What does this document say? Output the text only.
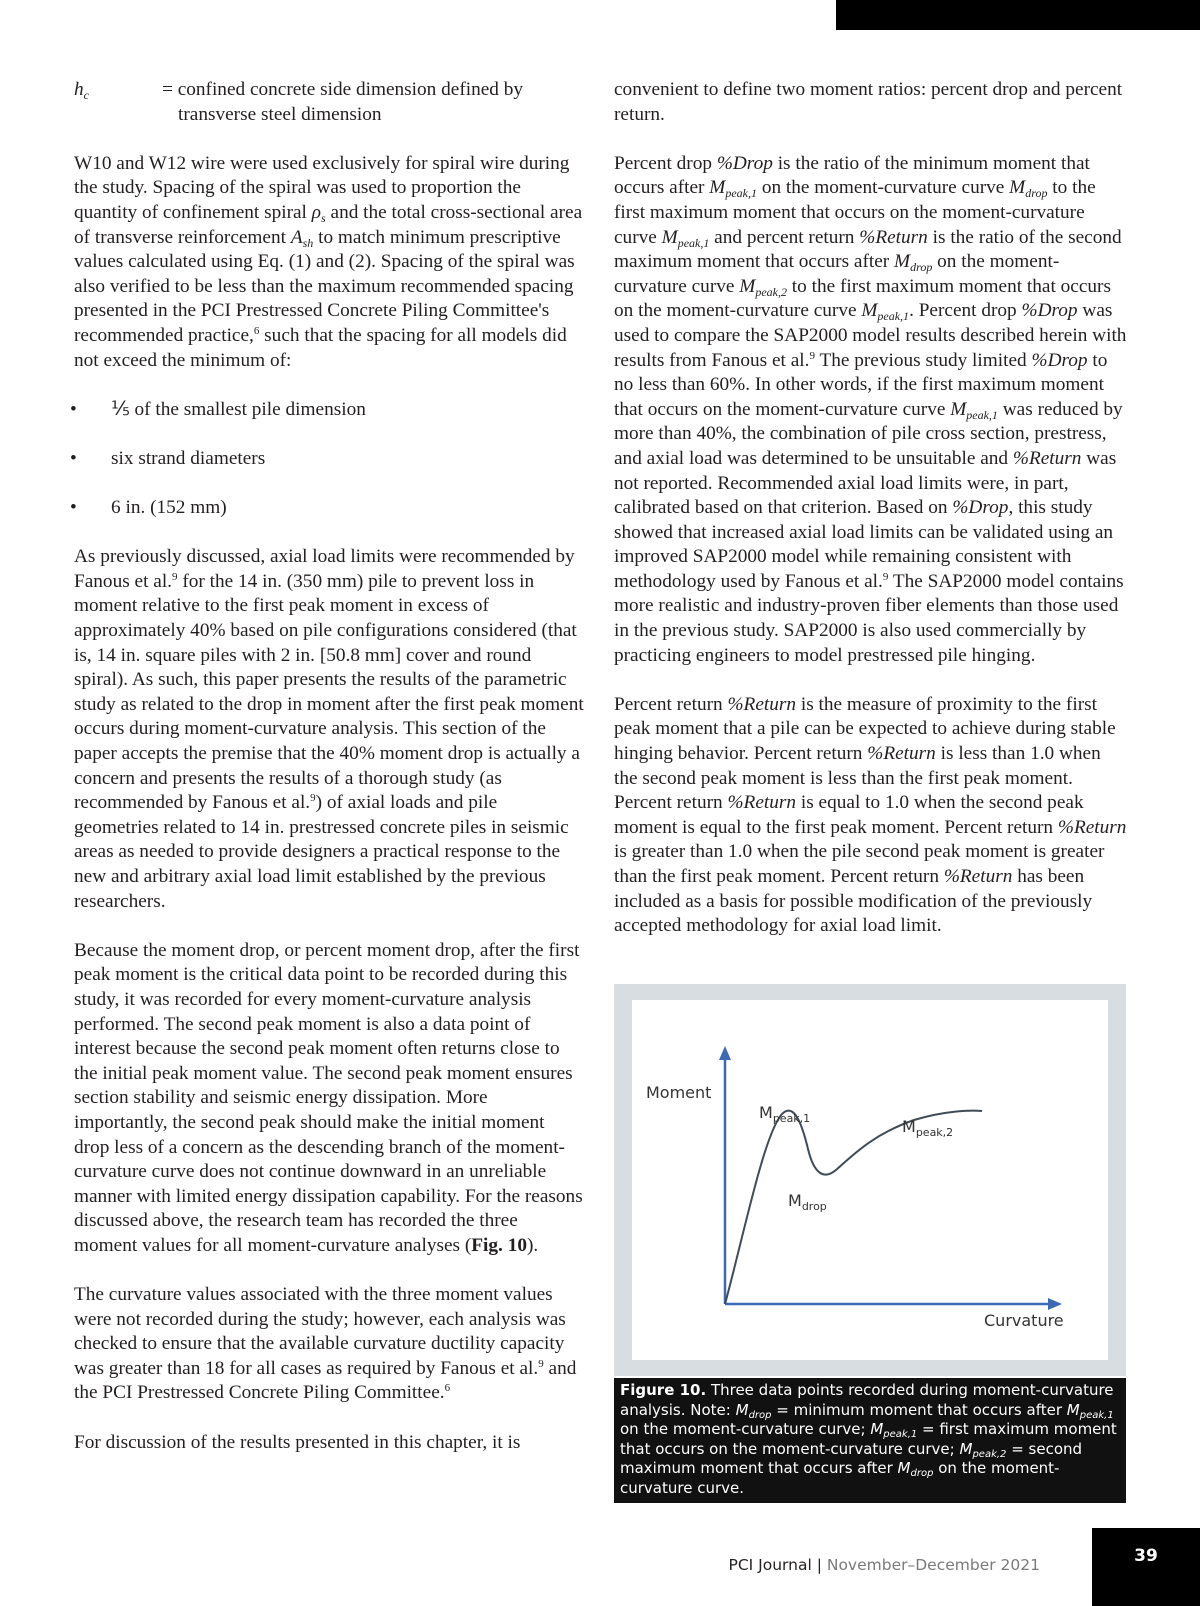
$h_c$	= confined concrete side dimension defined by transverse steel dimension

W10 and W12 wire were used exclusively for spiral wire during the study. Spacing of the spiral was used to proportion the quantity of confinement spiral $\rho_s$ and the total cross-sectional area of transverse reinforcement $A_{sh}$ to match minimum prescriptive values calculated using Eq. (1) and (2). Spacing of the spiral was also verified to be less than the maximum recommended spacing presented in the PCI Prestressed Concrete Piling Committee's recommended practice,$^6$ such that the spacing for all models did not exceed the minimum of:

• ⅕ of the smallest pile dimension
• six strand diameters
• 6 in. (152 mm)

As previously discussed, axial load limits were recommended by Fanous et al.$^9$ for the 14 in. (350 mm) pile to prevent loss in moment relative to the first peak moment in excess of approximately 40% based on pile configurations considered (that is, 14 in. square piles with 2 in. [50.8 mm] cover and round spiral). As such, this paper presents the results of the parametric study as related to the drop in moment after the first peak moment occurs during moment-curvature analysis. This section of the paper accepts the premise that the 40% moment drop is actually a concern and presents the results of a thorough study (as recommended by Fanous et al.$^9$) of axial loads and pile geometries related to 14 in. prestressed concrete piles in seismic areas as needed to provide designers a practical response to the new and arbitrary axial load limit established by the previous researchers.

Because the moment drop, or percent moment drop, after the first peak moment is the critical data point to be recorded during this study, it was recorded for every moment-curvature analysis performed. The second peak moment is also a data point of interest because the second peak moment often returns close to the initial peak moment value. The second peak moment ensures section stability and seismic energy dissipation. More importantly, the second peak should make the initial moment drop less of a concern as the descending branch of the moment-curvature curve does not continue downward in an unreliable manner with limited energy dissipation capability. For the reasons discussed above, the research team has recorded the three moment values for all moment-curvature analyses (Fig. 10).

The curvature values associated with the three moment values were not recorded during the study; however, each analysis was checked to ensure that the available curvature ductility capacity was greater than 18 for all cases as required by Fanous et al.$^9$ and the PCI Prestressed Concrete Piling Committee.$^6$

For discussion of the results presented in this chapter, it is

convenient to define two moment ratios: percent drop and percent return.

Percent drop %Drop is the ratio of the minimum moment that occurs after $M_{peak,1}$ on the moment-curvature curve $M_{drop}$ to the first maximum moment that occurs on the moment-curvature curve $M_{peak,1}$ and percent return %Return is the ratio of the second maximum moment that occurs after $M_{drop}$ on the moment-curvature curve $M_{peak,2}$ to the first maximum moment that occurs on the moment-curvature curve $M_{peak,1}$. Percent drop %Drop was used to compare the SAP2000 model results described herein with results from Fanous et al.$^9$ The previous study limited %Drop to no less than 60%. In other words, if the first maximum moment that occurs on the moment-curvature curve $M_{peak,1}$ was reduced by more than 40%, the combination of pile cross section, prestress, and axial load was determined to be unsuitable and %Return was not reported. Recommended axial load limits were, in part, calibrated based on that criterion. Based on %Drop, this study showed that increased axial load limits can be validated using an improved SAP2000 model while remaining consistent with methodology used by Fanous et al.$^9$ The SAP2000 model contains more realistic and industry-proven fiber elements than those used in the previous study. SAP2000 is also used commercially by practicing engineers to model prestressed pile hinging.

Percent return %Return is the measure of proximity to the first peak moment that a pile can be expected to achieve during stable hinging behavior. Percent return %Return is less than 1.0 when the second peak moment is less than the first peak moment. Percent return %Return is equal to 1.0 when the second peak moment is equal to the first peak moment. Percent return %Return is greater than 1.0 when the pile second peak moment is greater than the first peak moment. Percent return %Return has been included as a basis for possible modification of the previously accepted methodology for axial load limit.

Moment
Curvature
$M_{peak,1}$	$M_{peak,2}$
$M_{drop}$
Figure 10. Three data points recorded during moment-curvature analysis. Note: $M_{drop}$ = minimum moment that occurs after $M_{peak,1}$ on the moment-curvature curve; $M_{peak,1}$ = first maximum moment that occurs on the moment-curvature curve; $M_{peak,2}$ = second maximum moment that occurs after $M_{drop}$ on the moment-curvature curve.
PCI Journal | November–December 2021	39
